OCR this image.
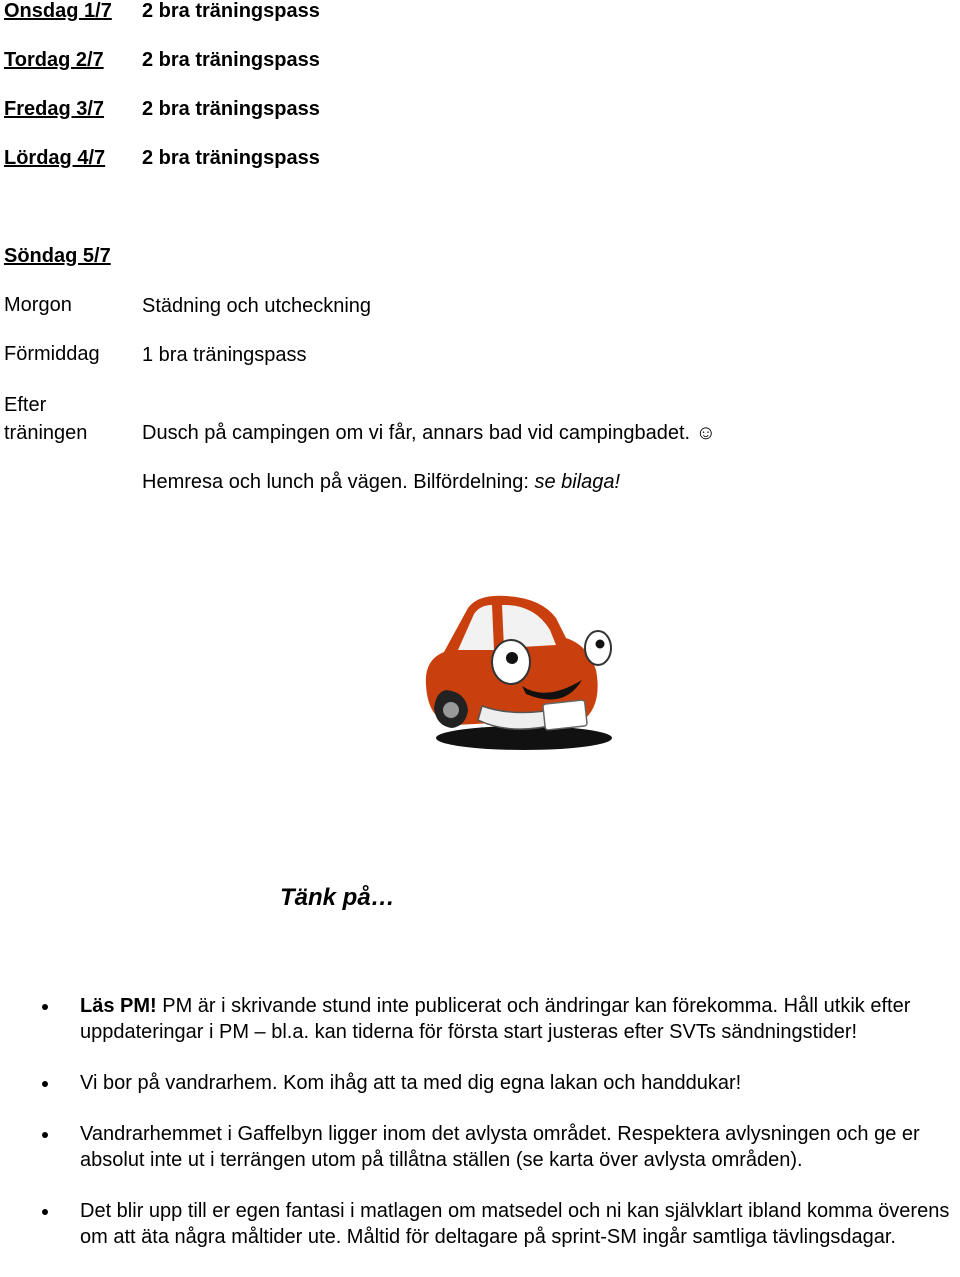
Onsdag 1/7 2 bra träningspass
Tordag 2/7 2 bra träningspass
Fredag 3/7 2 bra träningspass
Lördag 4/7 2 bra träningspass
Söndag 5/7
Morgon	Städning och utcheckning
Förmiddag 1 bra träningspass
Efter
träningen	Dusch på campingen om vi får, annars bad vid campingbadet. ☺
Hemresa och lunch på vägen. Bilfördelning: se bilaga!
Tänk på…
Läs PM! PM är i skrivande stund inte publicerat och ändringar kan förekomma. Håll utkik efter uppdateringar i PM – bl.a. kan tiderna för första start justeras efter SVTs sändningstider!
Vi bor på vandrarhem. Kom ihåg att ta med dig egna lakan och handdukar!
Vandrarhemmet i Gaffelbyn ligger inom det avlysta området. Respektera avlysningen och ge er absolut inte ut i terrängen utom på tillåtna ställen (se karta över avlysta områden).
Det blir upp till er egen fantasi i matlagen om matsedel och ni kan självklart ibland komma överens om att äta några måltider ute. Måltid för deltagare på sprint-SM ingår samtliga tävlingsdagar.
